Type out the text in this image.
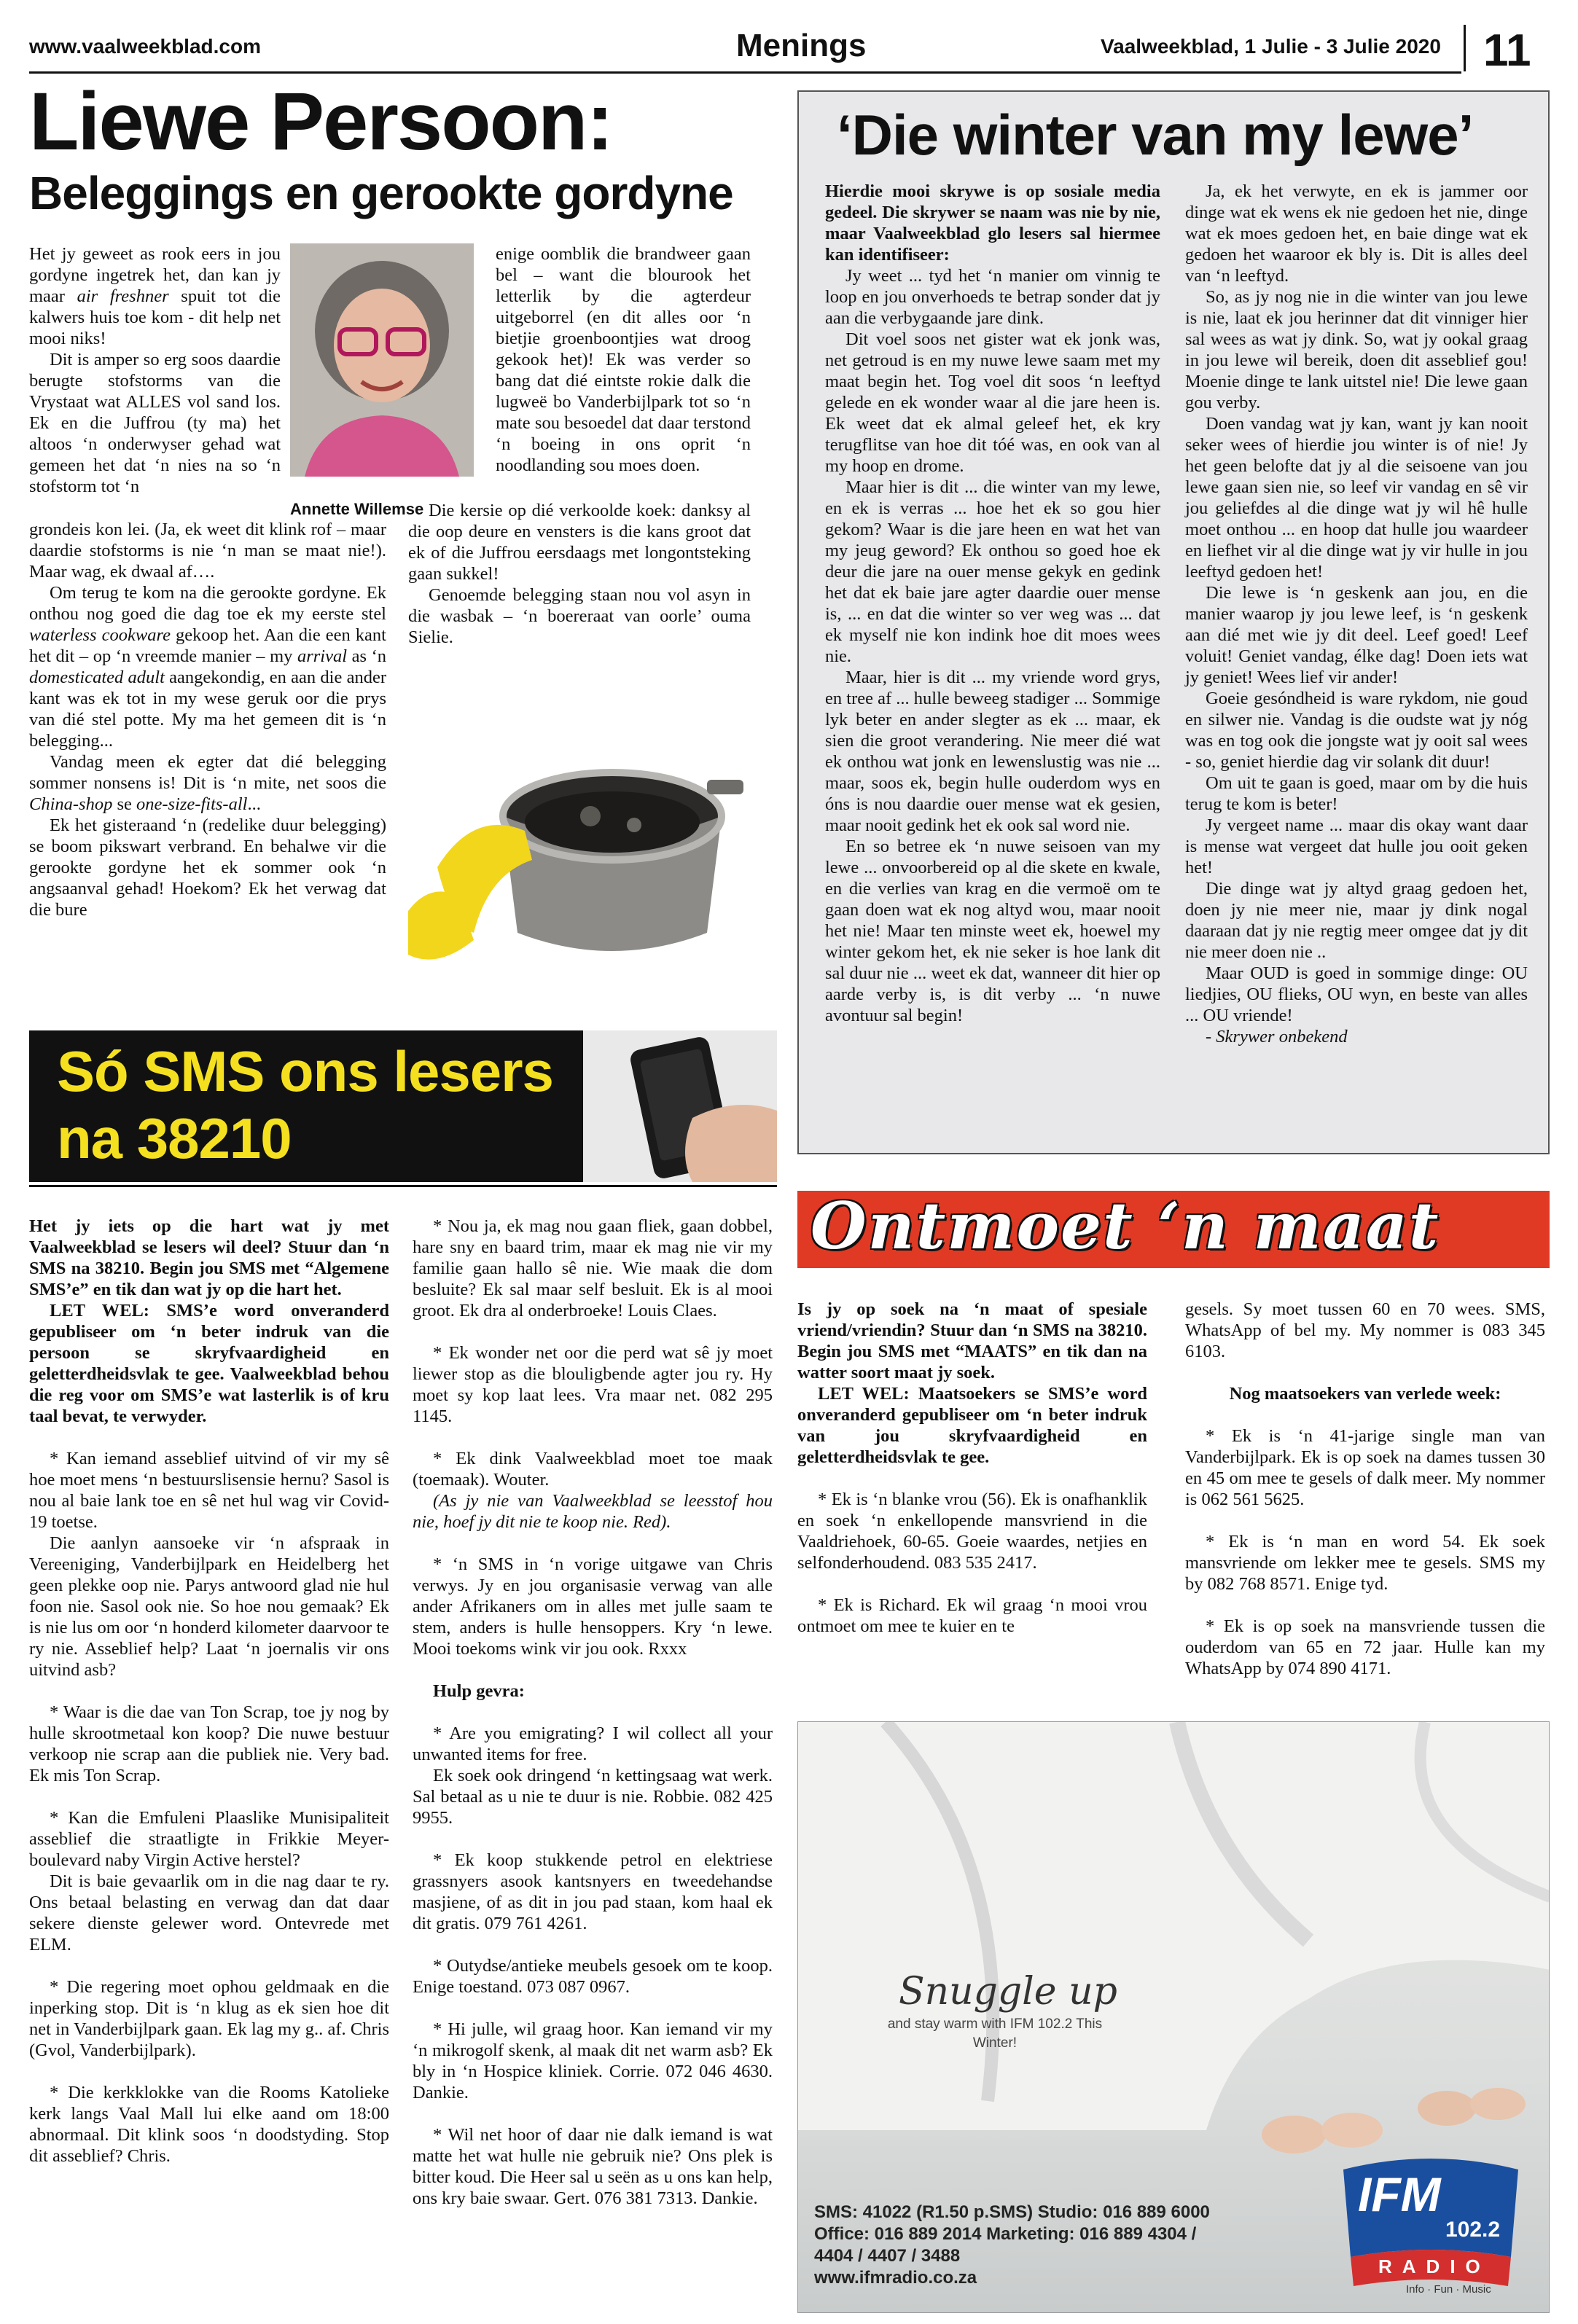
www.vaalweekblad.com	Menings	Vaalweekblad, 1 Julie - 3 Julie 2020 11
Liewe Persoon:
Beleggings en gerookte gordyne

Het jy geweet as rook eers in jou gordyne ingetrek het, dan kan jy maar air freshner spuit tot die kalwers huis toe kom - dit help net mooi niks!

Dit is amper so erg soos daardie berugte stofstorms van die Vrystaat wat ALLES vol sand los. Ek en die Juffrou (ty ma) het altoos ‘n onderwyser gehad wat gemeen het dat ‘n nies na so ‘n stofstorm tot ‘n

Annette Willemse

enige oomblik die brandweer gaan bel – want die blourook het letterlik by die agterdeur uitgeborrel (en dit alles oor ‘n bietjie groenboontjies wat droog gekook het)! Ek was verder so bang dat dié eintste rokie dalk die lugweë bo Vanderbijlpark tot so ‘n mate sou besoedel dat daar terstond ‘n boeing in ons oprit ‘n noodlanding sou moes doen.

grondeis kon lei. (Ja, ek weet dit klink rof – maar daardie stofstorms is nie ‘n man se maat nie!). Maar wag, ek dwaal af….

Om terug te kom na die gerookte gordyne. Ek onthou nog goed die dag toe ek my eerste stel waterless cookware gekoop het. Aan die een kant het dit – op ‘n vreemde manier – my arrival as ‘n domesticated adult aangekondig, en aan die ander kant was ek tot in my wese geruk oor die prys van dié stel potte. My ma het gemeen dit is ‘n belegging...

Vandag meen ek egter dat dié belegging sommer nonsens is! Dit is ‘n mite, net soos die China-shop se one-size-fits-all...

Ek het gisteraand ‘n (redelike duur belegging) se boom pikswart verbrand. En behalwe vir die gerookte gordyne het ek sommer ook ‘n angsaanval gehad! Hoekom? Ek het verwag dat die bure

Die kersie op dié verkoolde koek: danksy al die oop deure en vensters is die kans groot dat ek of die Juffrou eersdaags met longontsteking gaan sukkel!

Genoemde belegging staan nou vol asyn in die wasbak – ‘n boereraat van oorle’ ouma Sielie.

Só SMS ons lesers
na 38210

Het jy iets op die hart wat jy met Vaalweekblad se lesers wil deel? Stuur dan ‘n SMS na 38210. Begin jou SMS met “Algemene SMS’e” en tik dan wat jy op die hart het.

LET WEL: SMS’e word onveranderd gepubliseer om ‘n beter indruk van die persoon se skryfvaardigheid en geletterdheidsvlak te gee. Vaalweekblad behou die reg voor om SMS’e wat lasterlik is of kru taal bevat, te verwyder.

* Kan iemand asseblief uitvind of vir my sê hoe moet mens ‘n bestuurslisensie hernu? Sasol is nou al baie lank toe en sê net hul wag vir Covid-19 toetse.

Die aanlyn aansoeke vir ‘n afspraak in Vereeniging, Vanderbijlpark en Heidelberg het geen plekke oop nie. Parys antwoord glad nie hul foon nie. Sasol ook nie. So hoe nou gemaak? Ek is nie lus om oor ‘n honderd kilometer daarvoor te ry nie. Asseblief help? Laat ‘n joernalis vir ons uitvind asb?

* Waar is die dae van Ton Scrap, toe jy nog by hulle skrootmetaal kon koop? Die nuwe bestuur verkoop nie scrap aan die publiek nie. Very bad. Ek mis Ton Scrap.

* Kan die Emfuleni Plaaslike Munisipaliteit asseblief die straatligte in Frikkie Meyer-boulevard naby Virgin Active herstel?

Dit is baie gevaarlik om in die nag daar te ry. Ons betaal belasting en verwag dan dat daar sekere dienste gelewer word. Ontevrede met ELM.

* Die regering moet ophou geldmaak en die inperking stop. Dit is ‘n klug as ek sien hoe dit net in Vanderbijlpark gaan. Ek lag my g.. af. Chris (Gvol, Vanderbijlpark).

* Die kerkklokke van die Rooms Katolieke kerk langs Vaal Mall lui elke aand om 18:00 abnormaal. Dit klink soos ‘n doodstyding. Stop dit asseblief? Chris.

* Nou ja, ek mag nou gaan fliek, gaan dobbel, hare sny en baard trim, maar ek mag nie vir my familie gaan hallo sê nie. Wie maak die dom besluite? Ek sal maar self besluit. Ek is al mooi groot. Ek dra al onderbroeke! Louis Claes.

* Ek wonder net oor die perd wat sê jy moet liewer stop as die blouligbende agter jou ry. Hy moet sy kop laat lees. Vra maar net. 082 295 1145.

* Ek dink Vaalweekblad moet toe maak (toemaak). Wouter.

(As jy nie van Vaalweekblad se leesstof hou nie, hoef jy dit nie te koop nie. Red).

* ‘n SMS in ‘n vorige uitgawe van Chris verwys. Jy en jou organisasie verwag van alle ander Afrikaners om in alles met julle saam te stem, anders is hulle hensoppers. Kry ‘n lewe. Mooi toekoms wink vir jou ook. Rxxx

Hulp gevra:

* Are you emigrating? I wil collect all your unwanted items for free.

Ek soek ook dringend ‘n kettingsaag wat werk. Sal betaal as u nie te duur is nie. Robbie. 082 425 9955.

* Ek koop stukkende petrol en elektriese grassnyers asook kantsnyers en tweedehandse masjiene, of as dit in jou pad staan, kom haal ek dit gratis. 079 761 4261.

* Outydse/antieke meubels gesoek om te koop. Enige toestand. 073 087 0967.

* Hi julle, wil graag hoor. Kan iemand vir my ‘n mikrogolf skenk, al maak dit net warm asb? Ek bly in ‘n Hospice kliniek. Corrie. 072 046 4630. Dankie.

* Wil net hoor of daar nie dalk iemand is wat matte het wat hulle nie gebruik nie? Ons plek is bitter koud. Die Heer sal u seën as u ons kan help, ons kry baie swaar. Gert. 076 381 7313. Dankie.

‘Die winter van my lewe’

Hierdie mooi skrywe is op sosiale media gedeel. Die skrywer se naam was nie by nie, maar Vaalweekblad glo lesers sal hiermee kan identifiseer:

Jy weet ... tyd het ‘n manier om vinnig te loop en jou onverhoeds te betrap sonder dat jy aan die verbygaande jare dink.

Dit voel soos net gister wat ek jonk was, net getroud is en my nuwe lewe saam met my maat begin het. Tog voel dit soos ‘n leeftyd gelede en ek wonder waar al die jare heen is. Ek weet dat ek almal geleef het, ek kry terugflitse van hoe dit tóé was, en ook van al my hoop en drome.

Maar hier is dit ... die winter van my lewe, en ek is verras ... hoe het ek so gou hier gekom? Waar is die jare heen en wat het van my jeug geword? Ek onthou so goed hoe ek deur die jare na ouer mense gekyk en gedink het dat ek baie jare agter daardie ouer mense is, ... en dat die winter so ver weg was ... dat ek myself nie kon indink hoe dit moes wees nie.

Maar, hier is dit ... my vriende word grys, en tree af ... hulle beweeg stadiger ... Sommige lyk beter en ander slegter as ek ... maar, ek sien die groot verandering. Nie meer dié wat ek onthou wat jonk en lewenslustig was nie ... maar, soos ek, begin hulle ouderdom wys en óns is nou daardie ouer mense wat ek gesien, maar nooit gedink het ek ook sal word nie.

En so betree ek ‘n nuwe seisoen van my lewe ... onvoorbereid op al die skete en kwale, en die verlies van krag en die vermoë om te gaan doen wat ek nog altyd wou, maar nooit het nie! Maar ten minste weet ek, hoewel my winter gekom het, ek nie seker is hoe lank dit sal duur nie ... weet ek dat, wanneer dit hier op aarde verby is, is dit verby ... ‘n nuwe avontuur sal begin!

Ja, ek het verwyte, en ek is jammer oor dinge wat ek wens ek nie gedoen het nie, dinge wat ek moes gedoen het, en baie dinge wat ek gedoen het waaroor ek bly is. Dit is alles deel van ‘n leeftyd.

So, as jy nog nie in die winter van jou lewe is nie, laat ek jou herinner dat dit vinniger hier sal wees as wat jy dink. So, wat jy ookal graag in jou lewe wil bereik, doen dit asseblief gou! Moenie dinge te lank uitstel nie! Die lewe gaan gou verby.

Doen vandag wat jy kan, want jy kan nooit seker wees of hierdie jou winter is of nie! Jy het geen belofte dat jy al die seisoene van jou lewe gaan sien nie, so leef vir vandag en sê vir jou geliefdes al die dinge wat jy wil hê hulle moet onthou ... en hoop dat hulle jou waardeer en liefhet vir al die dinge wat jy vir hulle in jou leeftyd gedoen het!

Die lewe is ‘n geskenk aan jou, en die manier waarop jy jou lewe leef, is ‘n geskenk aan dié met wie jy dit deel. Leef goed! Leef voluit! Geniet vandag, élke dag! Doen iets wat jy geniet! Wees lief vir ander!

Goeie gesóndheid is ware rykdom, nie goud en silwer nie. Vandag is die oudste wat jy nóg was en tog ook die jongste wat jy ooit sal wees - so, geniet hierdie dag vir solank dit duur!

Om uit te gaan is goed, maar om by die huis terug te kom is beter!

Jy vergeet name ... maar dis okay want daar is mense wat vergeet dat hulle jou ooit geken het!

Die dinge wat jy altyd graag gedoen het, doen jy nie meer nie, maar jy dink nogal daaraan dat jy nie regtig meer omgee dat jy dit nie meer doen nie ..

Maar OUD is goed in sommige dinge: OU liedjies, OU flieks, OU wyn, en beste van alles ... OU vriende!

- Skrywer onbekend

Ontmoet ‘n maat

Is jy op soek na ‘n maat of spesiale vriend/vriendin? Stuur dan ‘n SMS na 38210. Begin jou SMS met “MAATS” en tik dan na watter soort maat jy soek.

LET WEL: Maatsoekers se SMS’e word onveranderd gepubliseer om ‘n beter indruk van jou skryfvaardigheid en geletterdheidsvlak te gee.

* Ek is ‘n blanke vrou (56). Ek is onafhanklik en soek ‘n enkellopende mansvriend in die Vaaldriehoek, 60-65. Goeie waardes, netjies en selfonderhoudend. 083 535 2417.

* Ek is Richard. Ek wil graag ‘n mooi vrou ontmoet om mee te kuier en te

gesels. Sy moet tussen 60 en 70 wees. SMS, WhatsApp of bel my. My nommer is 083 345 6103.

Nog maatsoekers van verlede week:

* Ek is ‘n 41-jarige single man van Vanderbijlpark. Ek is op soek na dames tussen 30 en 45 om mee te gesels of dalk meer. My nommer is 062 561 5625.

* Ek is ‘n man en word 54. Ek soek mansvriende om lekker mee te gesels. SMS my by 082 768 8571. Enige tyd.

* Ek is op soek na mansvriende tussen die ouderdom van 65 en 72 jaar. Hulle kan my WhatsApp by 074 890 4171.

Snuggle up
and stay warm with IFM 102.2 This Winter!
SMS: 41022 (R1.50 p.SMS) Studio: 016 889 6000
Office: 016 889 2014 Marketing: 016 889 4304 /
4404 / 4407 / 3488
www.ifmradio.co.za
IFM
102.2
RADIO
Info · Fun · Music
